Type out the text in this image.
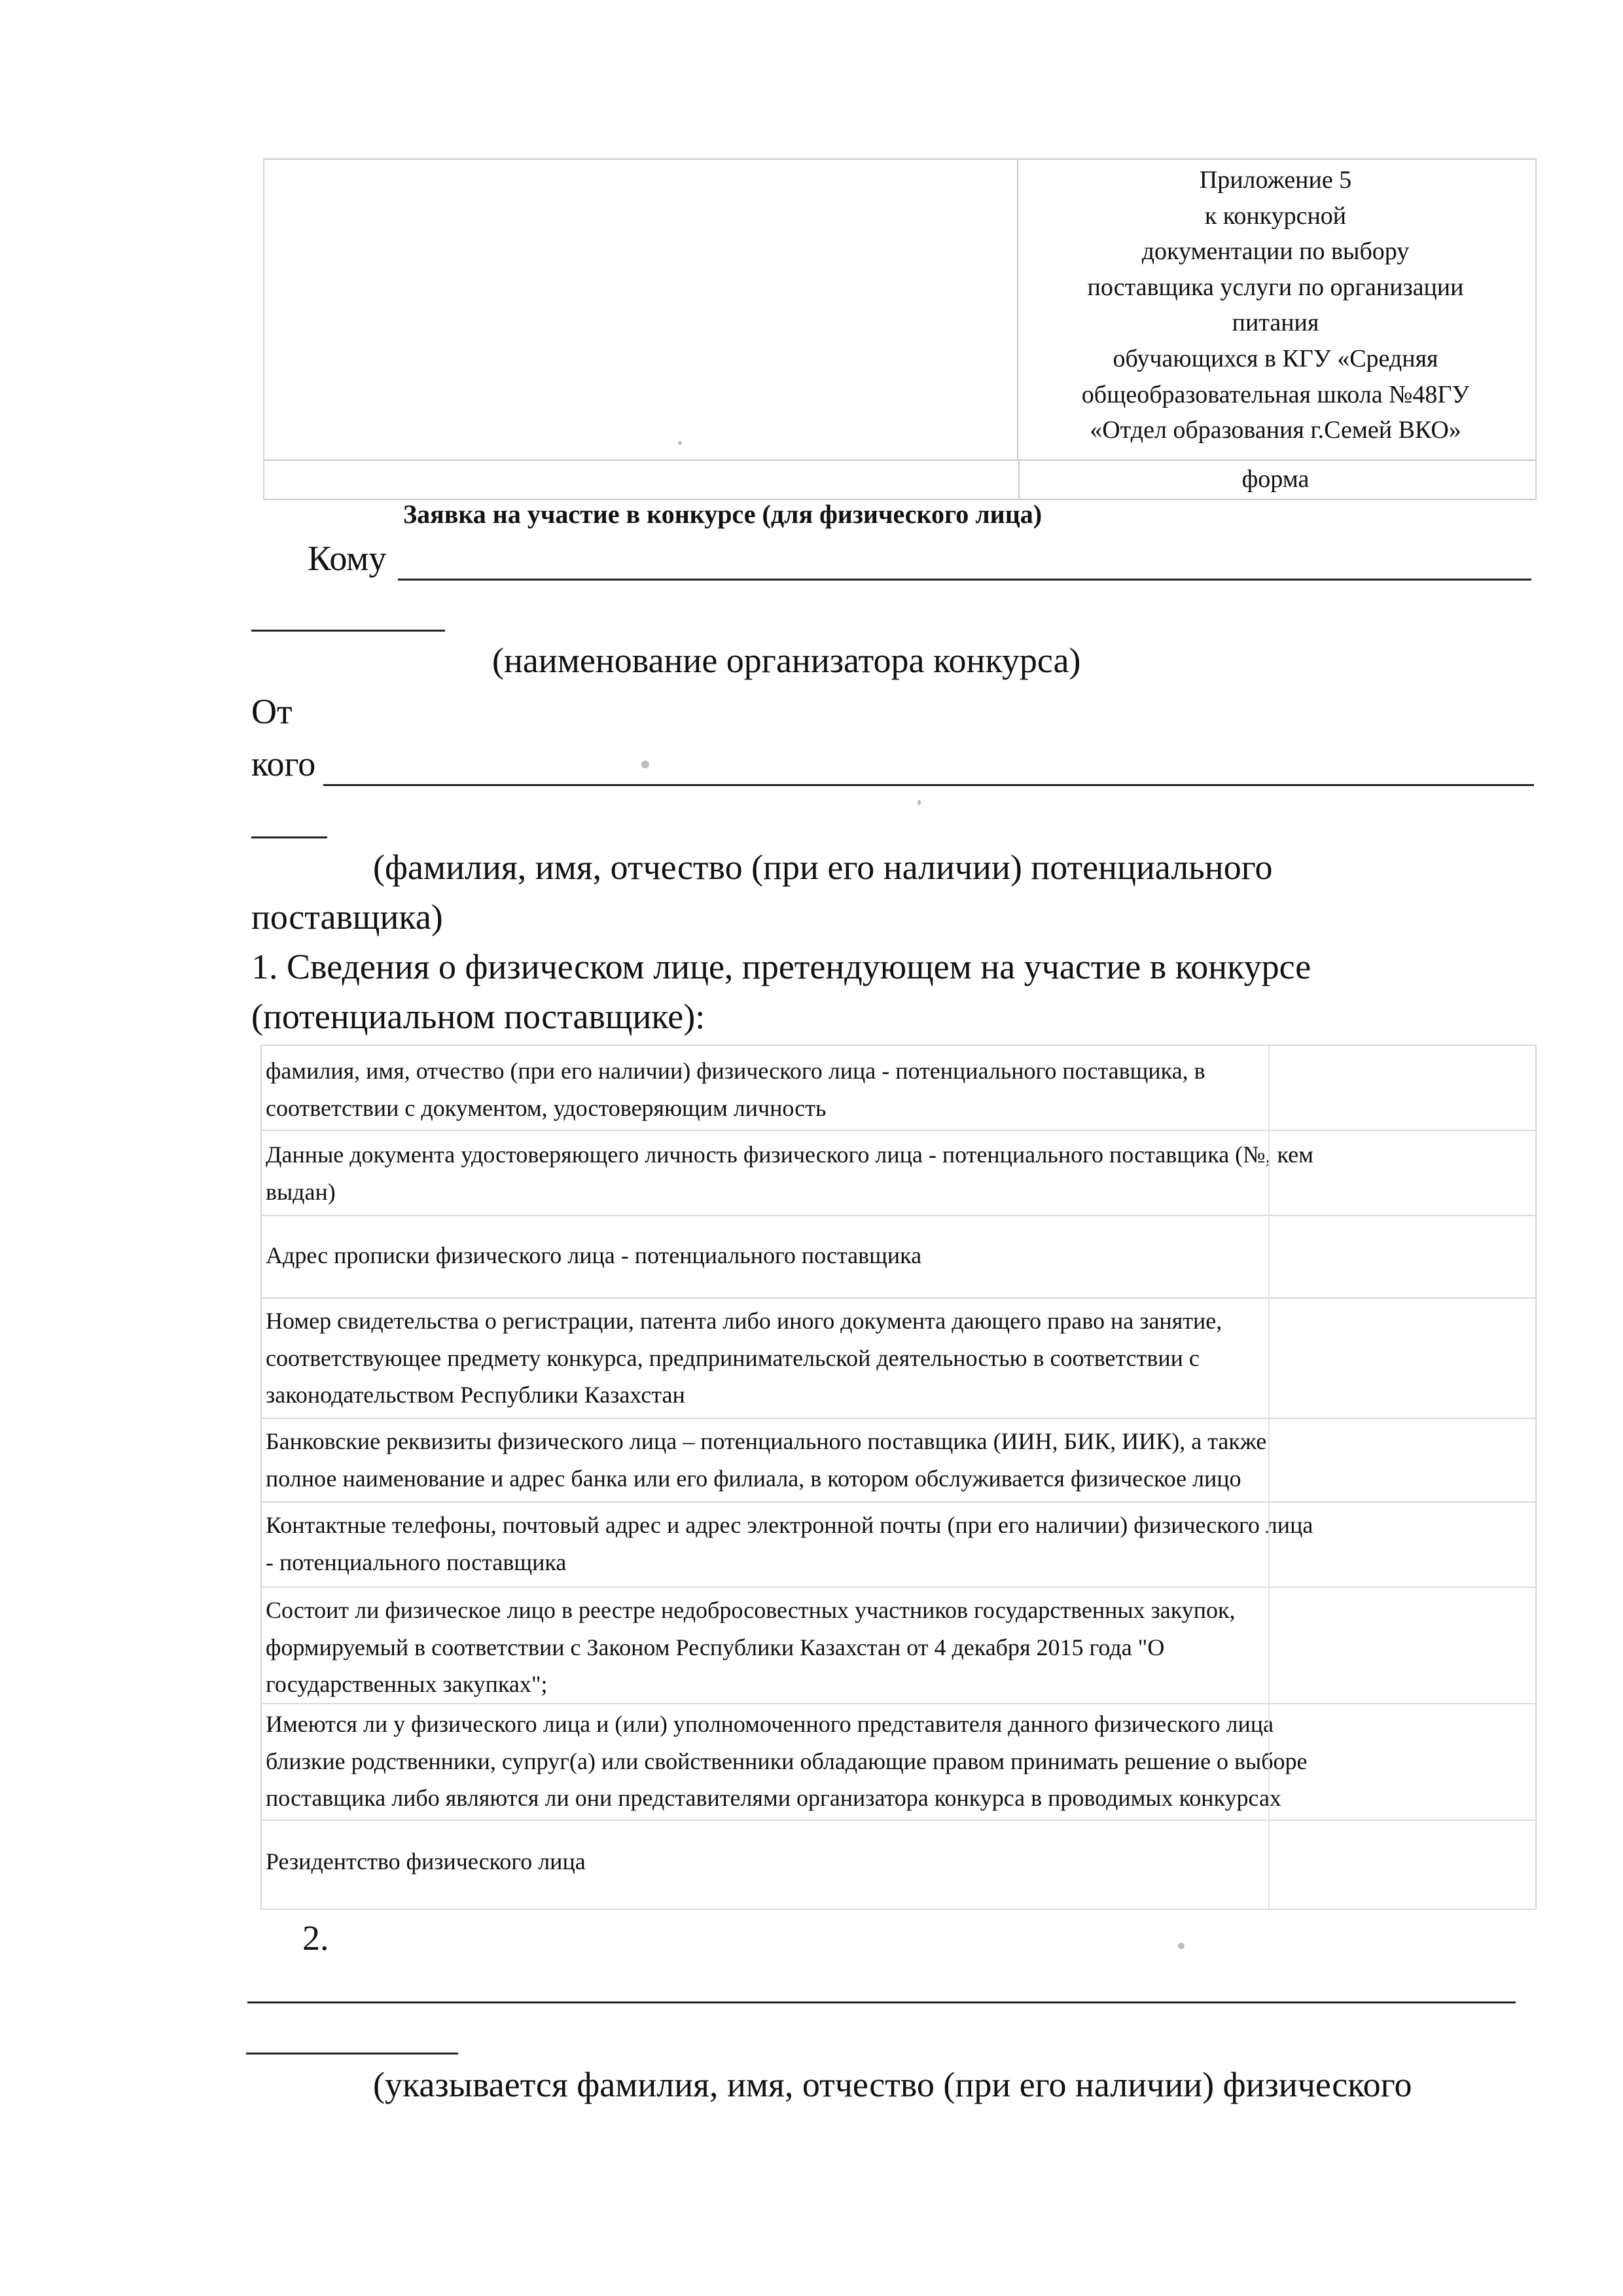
Приложение 5
к конкурсной
документации по выбору
поставщика услуги по организации
питания
обучающихся в КГУ «Средняя
общеобразовательная школа №48ГУ
«Отдел образования г.Семей ВКО»
форма
Заявка на участие в конкурсе (для физического лица)
Кому
(наименование организатора конкурса)
От
кого
(фамилия, имя, отчество (при его наличии) потенциального
поставщика)
1. Сведения о физическом лице, претендующем на участие в конкурсе
(потенциальном поставщике):
фамилия, имя, отчество (при его наличии) физического лица - потенциального поставщика, в
соответствии с документом, удостоверяющим личность
Данные документа удостоверяющего личность физического лица - потенциального поставщика (№, кем
выдан)
Адрес прописки физического лица - потенциального поставщика
Номер свидетельства о регистрации, патента либо иного документа дающего право на занятие,
соответствующее предмету конкурса, предпринимательской деятельностью в соответствии с
законодательством Республики Казахстан
Банковские реквизиты физического лица – потенциального поставщика (ИИН, БИК, ИИК), а также
полное наименование и адрес банка или его филиала, в котором обслуживается физическое лицо
Контактные телефоны, почтовый адрес и адрес электронной почты (при его наличии) физического лица
- потенциального поставщика
Состоит ли физическое лицо в реестре недобросовестных участников государственных закупок,
формируемый в соответствии с Законом Республики Казахстан от 4 декабря 2015 года "О
государственных закупках";
Имеются ли у физического лица и (или) уполномоченного представителя данного физического лица
близкие родственники, супруг(а) или свойственники обладающие правом принимать решение о выборе
поставщика либо являются ли они представителями организатора конкурса в проводимых конкурсах
Резидентство физического лица
2.
(указывается фамилия, имя, отчество (при его наличии) физического
